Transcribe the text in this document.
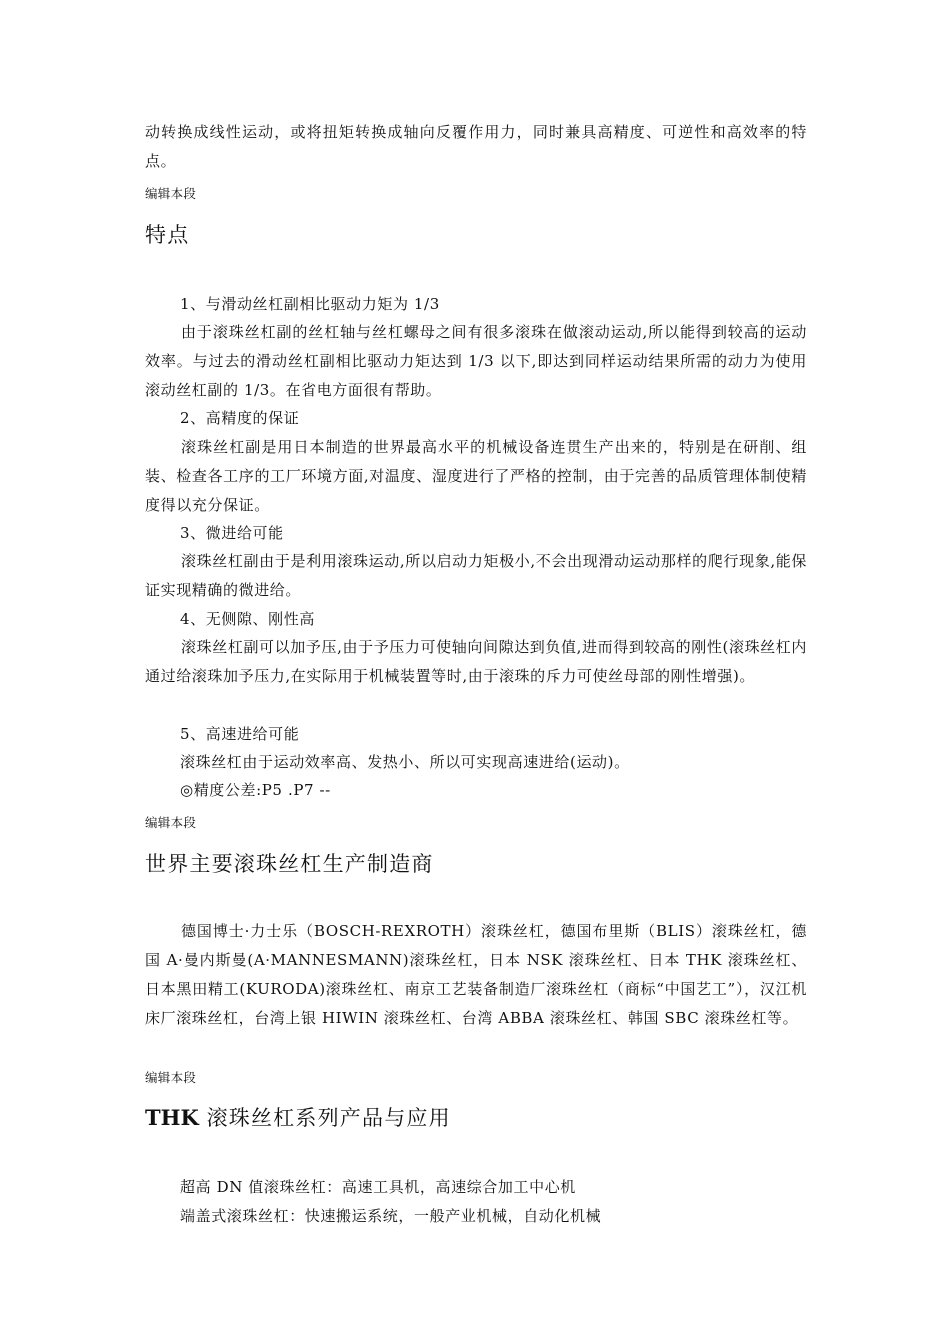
动转换成线性运动，或将扭矩转换成轴向反覆作用力，同时兼具高精度、可逆性和高效率的特点。
编辑本段
特点
1、与滑动丝杠副相比驱动力矩为 1/3
由于滚珠丝杠副的丝杠轴与丝杠螺母之间有很多滚珠在做滚动运动,所以能得到较高的运动效率。与过去的滑动丝杠副相比驱动力矩达到 1/3 以下,即达到同样运动结果所需的动力为使用滚动丝杠副的 1/3。在省电方面很有帮助。
2、高精度的保证
滚珠丝杠副是用日本制造的世界最高水平的机械设备连贯生产出来的，特别是在研削、组装、检查各工序的工厂环境方面,对温度、湿度进行了严格的控制，由于完善的品质管理体制使精度得以充分保证。
3、微进给可能
滚珠丝杠副由于是利用滚珠运动,所以启动力矩极小,不会出现滑动运动那样的爬行现象,能保证实现精确的微进给。
4、无侧隙、刚性高
滚珠丝杠副可以加予压,由于予压力可使轴向间隙达到负值,进而得到较高的刚性(滚珠丝杠内通过给滚珠加予压力,在实际用于机械装置等时,由于滚珠的斥力可使丝母部的刚性增强)。
5、高速进给可能
滚珠丝杠由于运动效率高、发热小、所以可实现高速进给(运动)。
◎精度公差:P5 .P7 --
编辑本段
世界主要滚珠丝杠生产制造商
德国博士·力士乐（BOSCH-REXROTH）滚珠丝杠，德国布里斯（BLIS）滚珠丝杠，德国 A·曼内斯曼(A·MANNESMANN)滚珠丝杠，日本 NSK 滚珠丝杠、日本 THK 滚珠丝杠、日本黑田精工(KURODA)滚珠丝杠、南京工艺装备制造厂滚珠丝杠（商标“中国艺工”），汉江机床厂滚珠丝杠，台湾上银 HIWIN 滚珠丝杠、台湾 ABBA 滚珠丝杠、韩国 SBC 滚珠丝杠等。
编辑本段
THK 滚珠丝杠系列产品与应用
超高 DN 值滚珠丝杠：高速工具机，高速综合加工中心机
端盖式滚珠丝杠：快速搬运系统，一般产业机械，自动化机械
